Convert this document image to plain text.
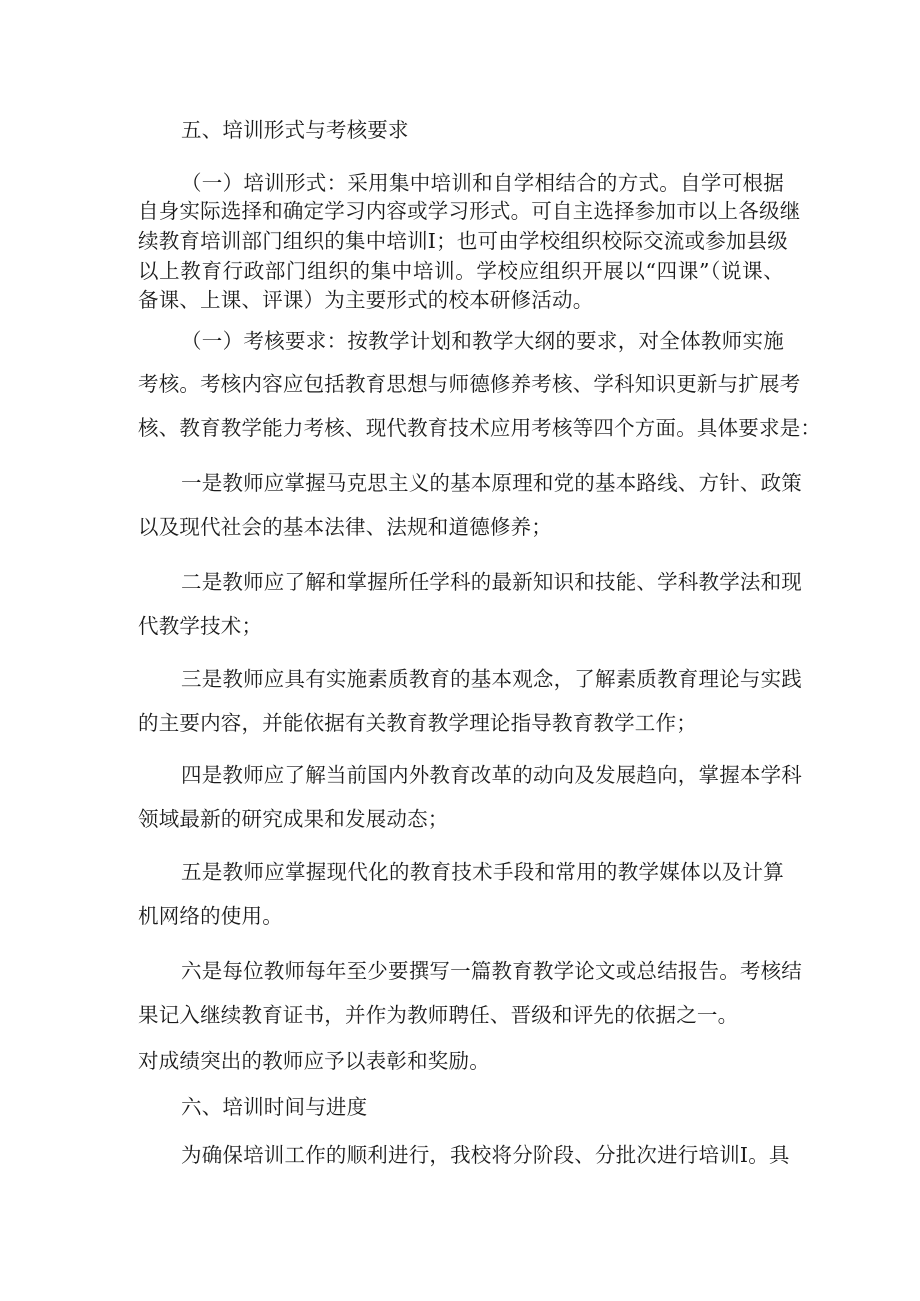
五、培训形式与考核要求
（一）培训形式：采用集中培训和自学相结合的方式。自学可根据
自身实际选择和确定学习内容或学习形式。可自主选择参加市以上各级继
续教育培训部门组织的集中培训Ⅰ；也可由学校组织校际交流或参加县级
以上教育行政部门组织的集中培训。学校应组织开展以“四课”（说课、
备课、上课、评课）为主要形式的校本研修活动。
（一）考核要求：按教学计划和教学大纲的要求，对全体教师实施
考核。考核内容应包括教育思想与师德修养考核、学科知识更新与扩展考
核、教育教学能力考核、现代教育技术应用考核等四个方面。具体要求是：
一是教师应掌握马克思主义的基本原理和党的基本路线、方针、政策
以及现代社会的基本法律、法规和道德修养；
二是教师应了解和掌握所任学科的最新知识和技能、学科教学法和现
代教学技术；
三是教师应具有实施素质教育的基本观念，了解素质教育理论与实践
的主要内容，并能依据有关教育教学理论指导教育教学工作；
四是教师应了解当前国内外教育改革的动向及发展趋向，掌握本学科
领域最新的研究成果和发展动态；
五是教师应掌握现代化的教育技术手段和常用的教学媒体以及计算
机网络的使用。
六是每位教师每年至少要撰写一篇教育教学论文或总结报告。考核结
果记入继续教育证书，并作为教师聘任、晋级和评先的依据之一。
对成绩突出的教师应予以表彰和奖励。
六、培训时间与进度
为确保培训工作的顺利进行，我校将分阶段、分批次进行培训Ⅰ。具
